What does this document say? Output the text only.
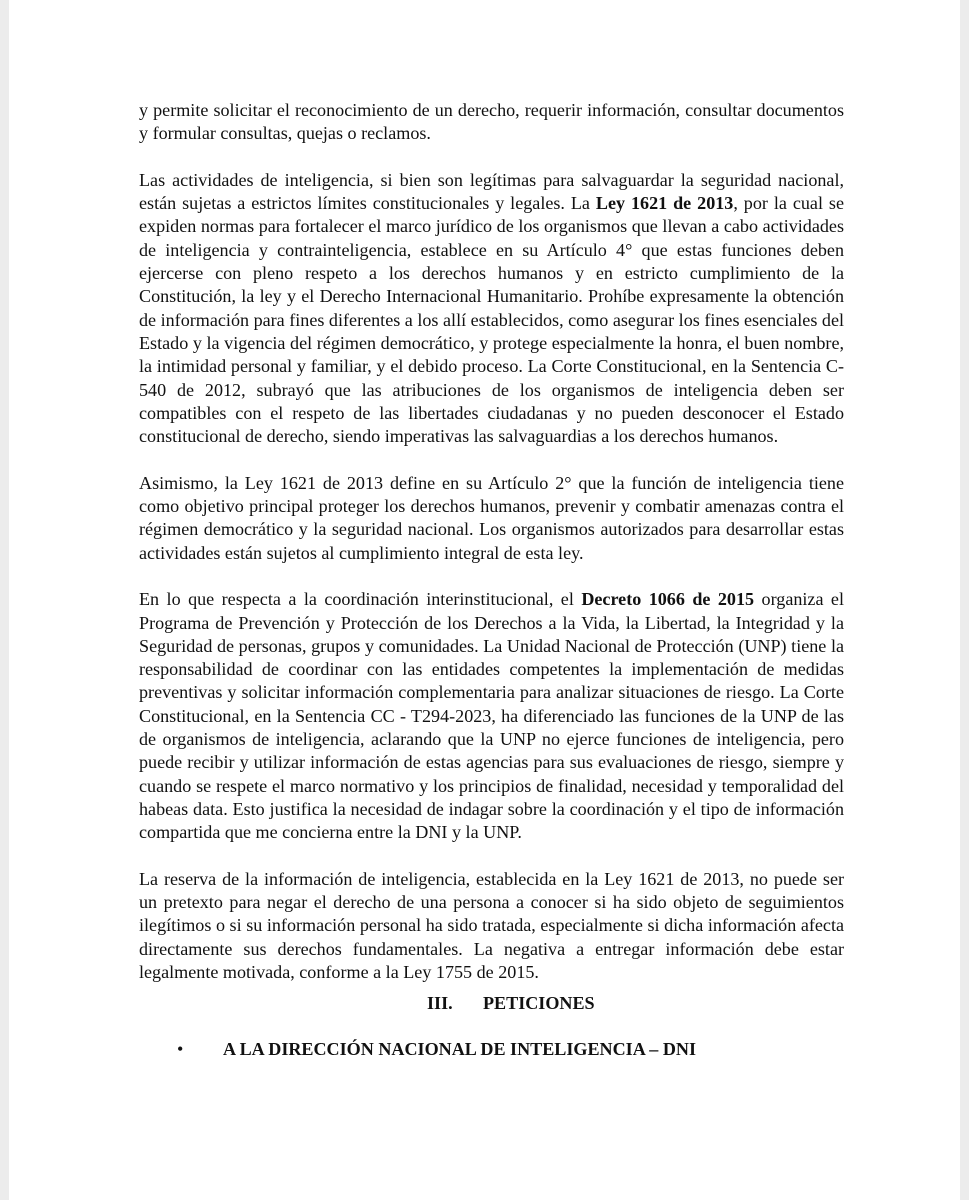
y permite solicitar el reconocimiento de un derecho, requerir información, consultar documentos y formular consultas, quejas o reclamos.

Las actividades de inteligencia, si bien son legítimas para salvaguardar la seguridad nacional, están sujetas a estrictos límites constitucionales y legales. La Ley 1621 de 2013, por la cual se expiden normas para fortalecer el marco jurídico de los organismos que llevan a cabo actividades de inteligencia y contrainteligencia, establece en su Artículo 4° que estas funciones deben ejercerse con pleno respeto a los derechos humanos y en estricto cumplimiento de la Constitución, la ley y el Derecho Internacional Humanitario. Prohíbe expresamente la obtención de información para fines diferentes a los allí establecidos, como asegurar los fines esenciales del Estado y la vigencia del régimen democrático, y protege especialmente la honra, el buen nombre, la intimidad personal y familiar, y el debido proceso. La Corte Constitucional, en la Sentencia C-540 de 2012, subrayó que las atribuciones de los organismos de inteligencia deben ser compatibles con el respeto de las libertades ciudadanas y no pueden desconocer el Estado constitucional de derecho, siendo imperativas las salvaguardias a los derechos humanos.

Asimismo, la Ley 1621 de 2013 define en su Artículo 2° que la función de inteligencia tiene como objetivo principal proteger los derechos humanos, prevenir y combatir amenazas contra el régimen democrático y la seguridad nacional. Los organismos autorizados para desarrollar estas actividades están sujetos al cumplimiento integral de esta ley.

En lo que respecta a la coordinación interinstitucional, el Decreto 1066 de 2015 organiza el Programa de Prevención y Protección de los Derechos a la Vida, la Libertad, la Integridad y la Seguridad de personas, grupos y comunidades. La Unidad Nacional de Protección (UNP) tiene la responsabilidad de coordinar con las entidades competentes la implementación de medidas preventivas y solicitar información complementaria para analizar situaciones de riesgo. La Corte Constitucional, en la Sentencia CC - T294-2023, ha diferenciado las funciones de la UNP de las de organismos de inteligencia, aclarando que la UNP no ejerce funciones de inteligencia, pero puede recibir y utilizar información de estas agencias para sus evaluaciones de riesgo, siempre y cuando se respete el marco normativo y los principios de finalidad, necesidad y temporalidad del habeas data. Esto justifica la necesidad de indagar sobre la coordinación y el tipo de información compartida que me concierna entre la DNI y la UNP.

La reserva de la información de inteligencia, establecida en la Ley 1621 de 2013, no puede ser un pretexto para negar el derecho de una persona a conocer si ha sido objeto de seguimientos ilegítimos o si su información personal ha sido tratada, especialmente si dicha información afecta directamente sus derechos fundamentales. La negativa a entregar información debe estar legalmente motivada, conforme a la Ley 1755 de 2015.

III. PETICIONES
• A LA DIRECCIÓN NACIONAL DE INTELIGENCIA – DNI
